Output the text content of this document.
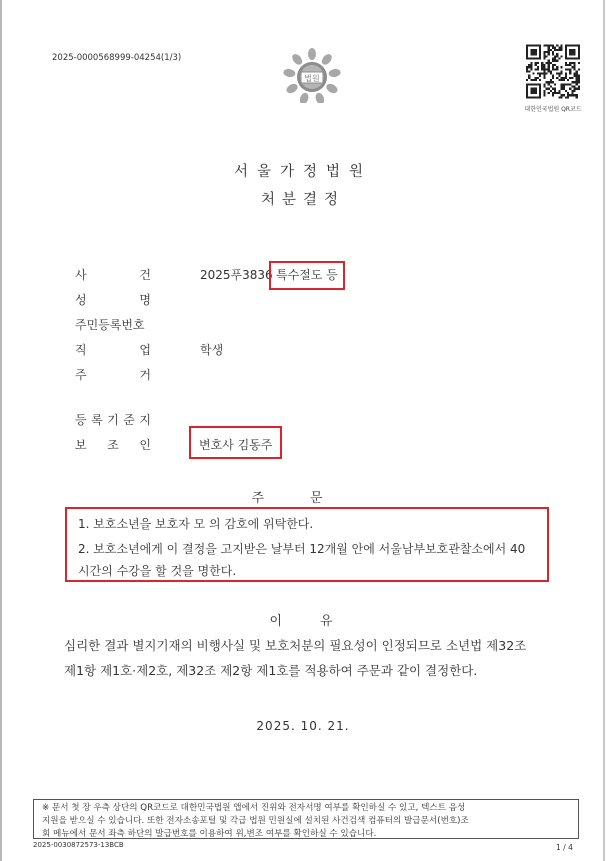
2025-0000568999-04254(1/3)
법원
대한민국법원 QR코드
서울가정법원
처분결정
사	건	2025푸3836 특수절도 등
성	명
주민등록번호
직	업	학생
주	거
등 록 기 준 지
보 조 인	변호사 김동주
주문
1. 보호소년을 보호자 모 의 감호에 위탁한다.
2. 보호소년에게 이 결정을 고지받은 날부터 12개월 안에 서울남부보호관찰소에서 40
시간의 수강을 할 것을 명한다.
이유
심리한 결과 별지기재의 비행사실 및 보호처분의 필요성이 인정되므로 소년법 제32조
제1항 제1호·제2호, 제32조 제2항 제1호를 적용하여 주문과 같이 결정한다.
2025. 10. 21.
※ 문서 첫 장 우측 상단의 QR코드로 대한민국법원 앱에서 진위와 전자서명 여부를 확인하실 수 있고, 텍스트 음성
지원을 받으실 수 있습니다. 또한 전자소송포털 및 각급 법원 민원실에 설치된 사건검색 컴퓨터의 발급문서(번호)조
회 메뉴에서 문서 좌측 하단의 발급번호를 이용하여 위,변조 여부를 확인하실 수 있습니다.
2025-0030872573-13BCB	1 / 4
